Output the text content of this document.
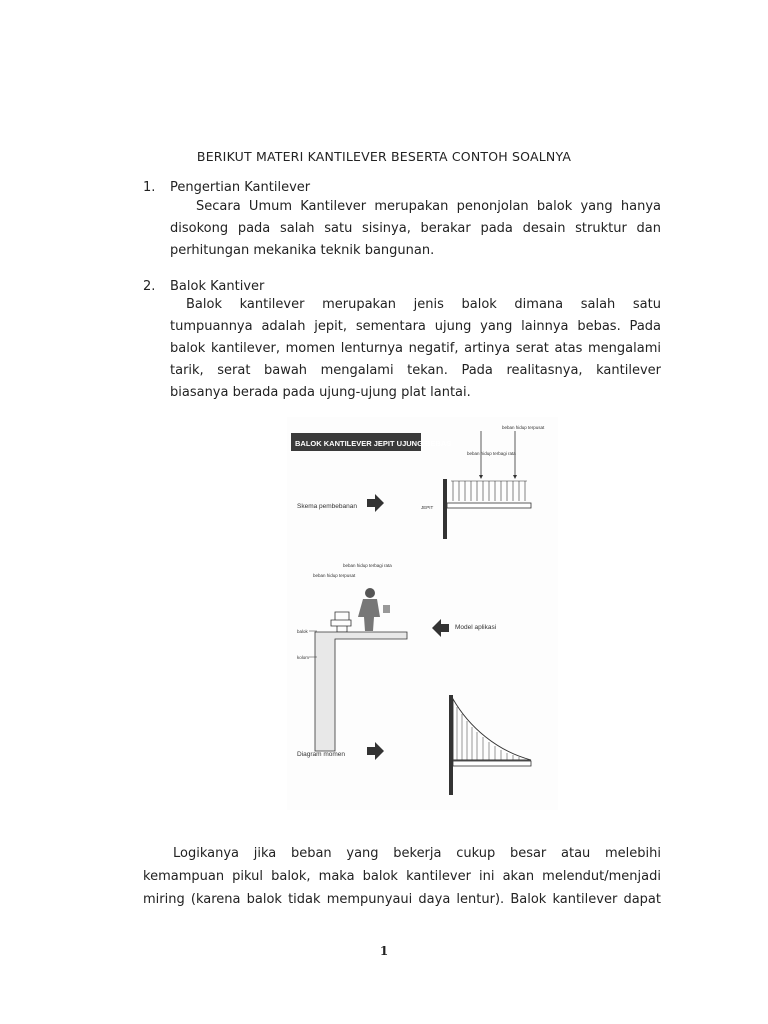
BERIKUT MATERI KANTILEVER BESERTA CONTOH SOALNYA
1. Pengertian Kantilever
Secara Umum Kantilever merupakan penonjolan balok yang hanya
disokong pada salah satu sisinya, berakar pada desain struktur dan
perhitungan mekanika teknik bangunan.
2. Balok Kantiver
Balok kantilever merupakan jenis balok dimana salah satu
tumpuannya adalah jepit, sementara ujung yang lainnya bebas. Pada
balok kantilever, momen lenturnya negatif, artinya serat atas mengalami
tarik, serat bawah mengalami tekan. Pada realitasnya, kantilever
biasanya berada pada ujung-ujung plat lantai.
BALOK KANTILEVER JEPIT UJUNG BEBAS
Skema pembebanan
beban hidup terpusat
beban hidup terbagi rata
JEPIT
beban hidup terbagi rata
beban hidup terpusat
balok
kolom
Model aplikasi
Diagram momen
Logikanya jika beban yang bekerja cukup besar atau melebihi
kemampuan pikul balok, maka balok kantilever ini akan melendut/menjadi
miring (karena balok tidak mempunyaui daya lentur). Balok kantilever dapat
1
